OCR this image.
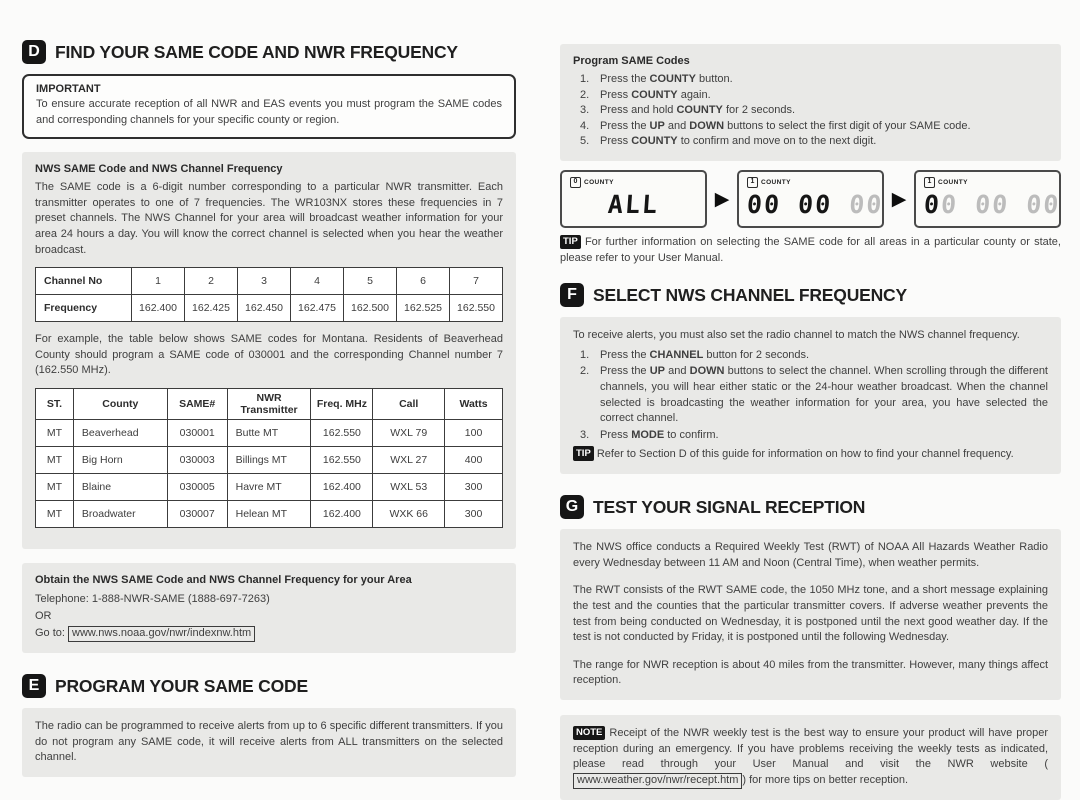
D FIND YOUR SAME CODE AND NWR FREQUENCY
IMPORTANT

To ensure accurate reception of all NWR and EAS events you must program the SAME codes and corresponding channels for your specific county or region.

NWS SAME Code and NWS Channel Frequency

The SAME code is a 6-digit number corresponding to a particular NWR transmitter. Each transmitter operates to one of 7 frequencies. The WR103NX stores these frequencies in 7 preset channels. The NWS Channel for your area will broadcast weather information for your area 24 hours a day. You will know the correct channel is selected when you hear the weather broadcast.

Channel No	1	2	3	4	5	6	7
Frequency	162.400	162.425	162.450	162.475	162.500	162.525	162.550

For example, the table below shows SAME codes for Montana. Residents of Beaverhead County should program a SAME code of 030001 and the corresponding Channel number 7 (162.550 MHz).

ST.	County	SAME#	NWR Transmitter	Freq. MHz	Call	Watts
MT	Beaverhead	030001	Butte MT	162.550	WXL 79	100
MT	Big Horn	030003	Billings MT	162.550	WXL 27	400
MT	Blaine	030005	Havre MT	162.400	WXL 53	300
MT	Broadwater	030007	Helean MT	162.400	WXK 66	300
Obtain the NWS SAME Code and NWS Channel Frequency for your Area

Telephone: 1-888-NWR-SAME (1888-697-7263)

OR

Go to: www.nws.noaa.gov/nwr/indexnw.htm

E PROGRAM YOUR SAME CODE

The radio can be programmed to receive alerts from up to 6 specific different transmitters. If you do not program any SAME code, it will receive alerts from ALL transmitters on the selected channel.

Program SAME Codes
1. Press the COUNTY button.
2. Press COUNTY again.
3. Press and hold COUNTY for 2 seconds.
4. Press the UP and DOWN buttons to select the first digit of your SAME code.
5. Press COUNTY to confirm and move on to the next digit.
0	COUNTY
ALL	▶
1	COUNTY
00 00 00 ▶
1	COUNTY
00 00 00

TIP For further information on selecting the SAME code for all areas in a particular county or state, please refer to your User Manual.

F SELECT NWS CHANNEL FREQUENCY

To receive alerts, you must also set the radio channel to match the NWS channel frequency.

1. Press the CHANNEL button for 2 seconds.
2. Press the UP and DOWN buttons to select the channel. When scrolling through the different channels, you will hear either static or the 24-hour weather broadcast. When the channel selected is broadcasting the weather information for your area, you have selected the correct channel.
3. Press MODE to confirm.

TIP Refer to Section D of this guide for information on how to find your channel frequency.

G TEST YOUR SIGNAL RECEPTION

The NWS office conducts a Required Weekly Test (RWT) of NOAA All Hazards Weather Radio every Wednesday between 11 AM and Noon (Central Time), when weather permits.

The RWT consists of the RWT SAME code, the 1050 MHz tone, and a short message explaining the test and the counties that the particular transmitter covers. If adverse weather prevents the test from being conducted on Wednesday, it is postponed until the next good weather day. If the test is not conducted by Friday, it is postponed until the following Wednesday.

The range for NWR reception is about 40 miles from the transmitter. However, many things affect reception.

NOTE Receipt of the NWR weekly test is the best way to ensure your product will have proper reception during an emergency. If you have problems receiving the weekly tests as indicated, please read through your User Manual and visit the NWR website (www.weather.gov/nwr/recept.htm ) for more tips on better reception.
